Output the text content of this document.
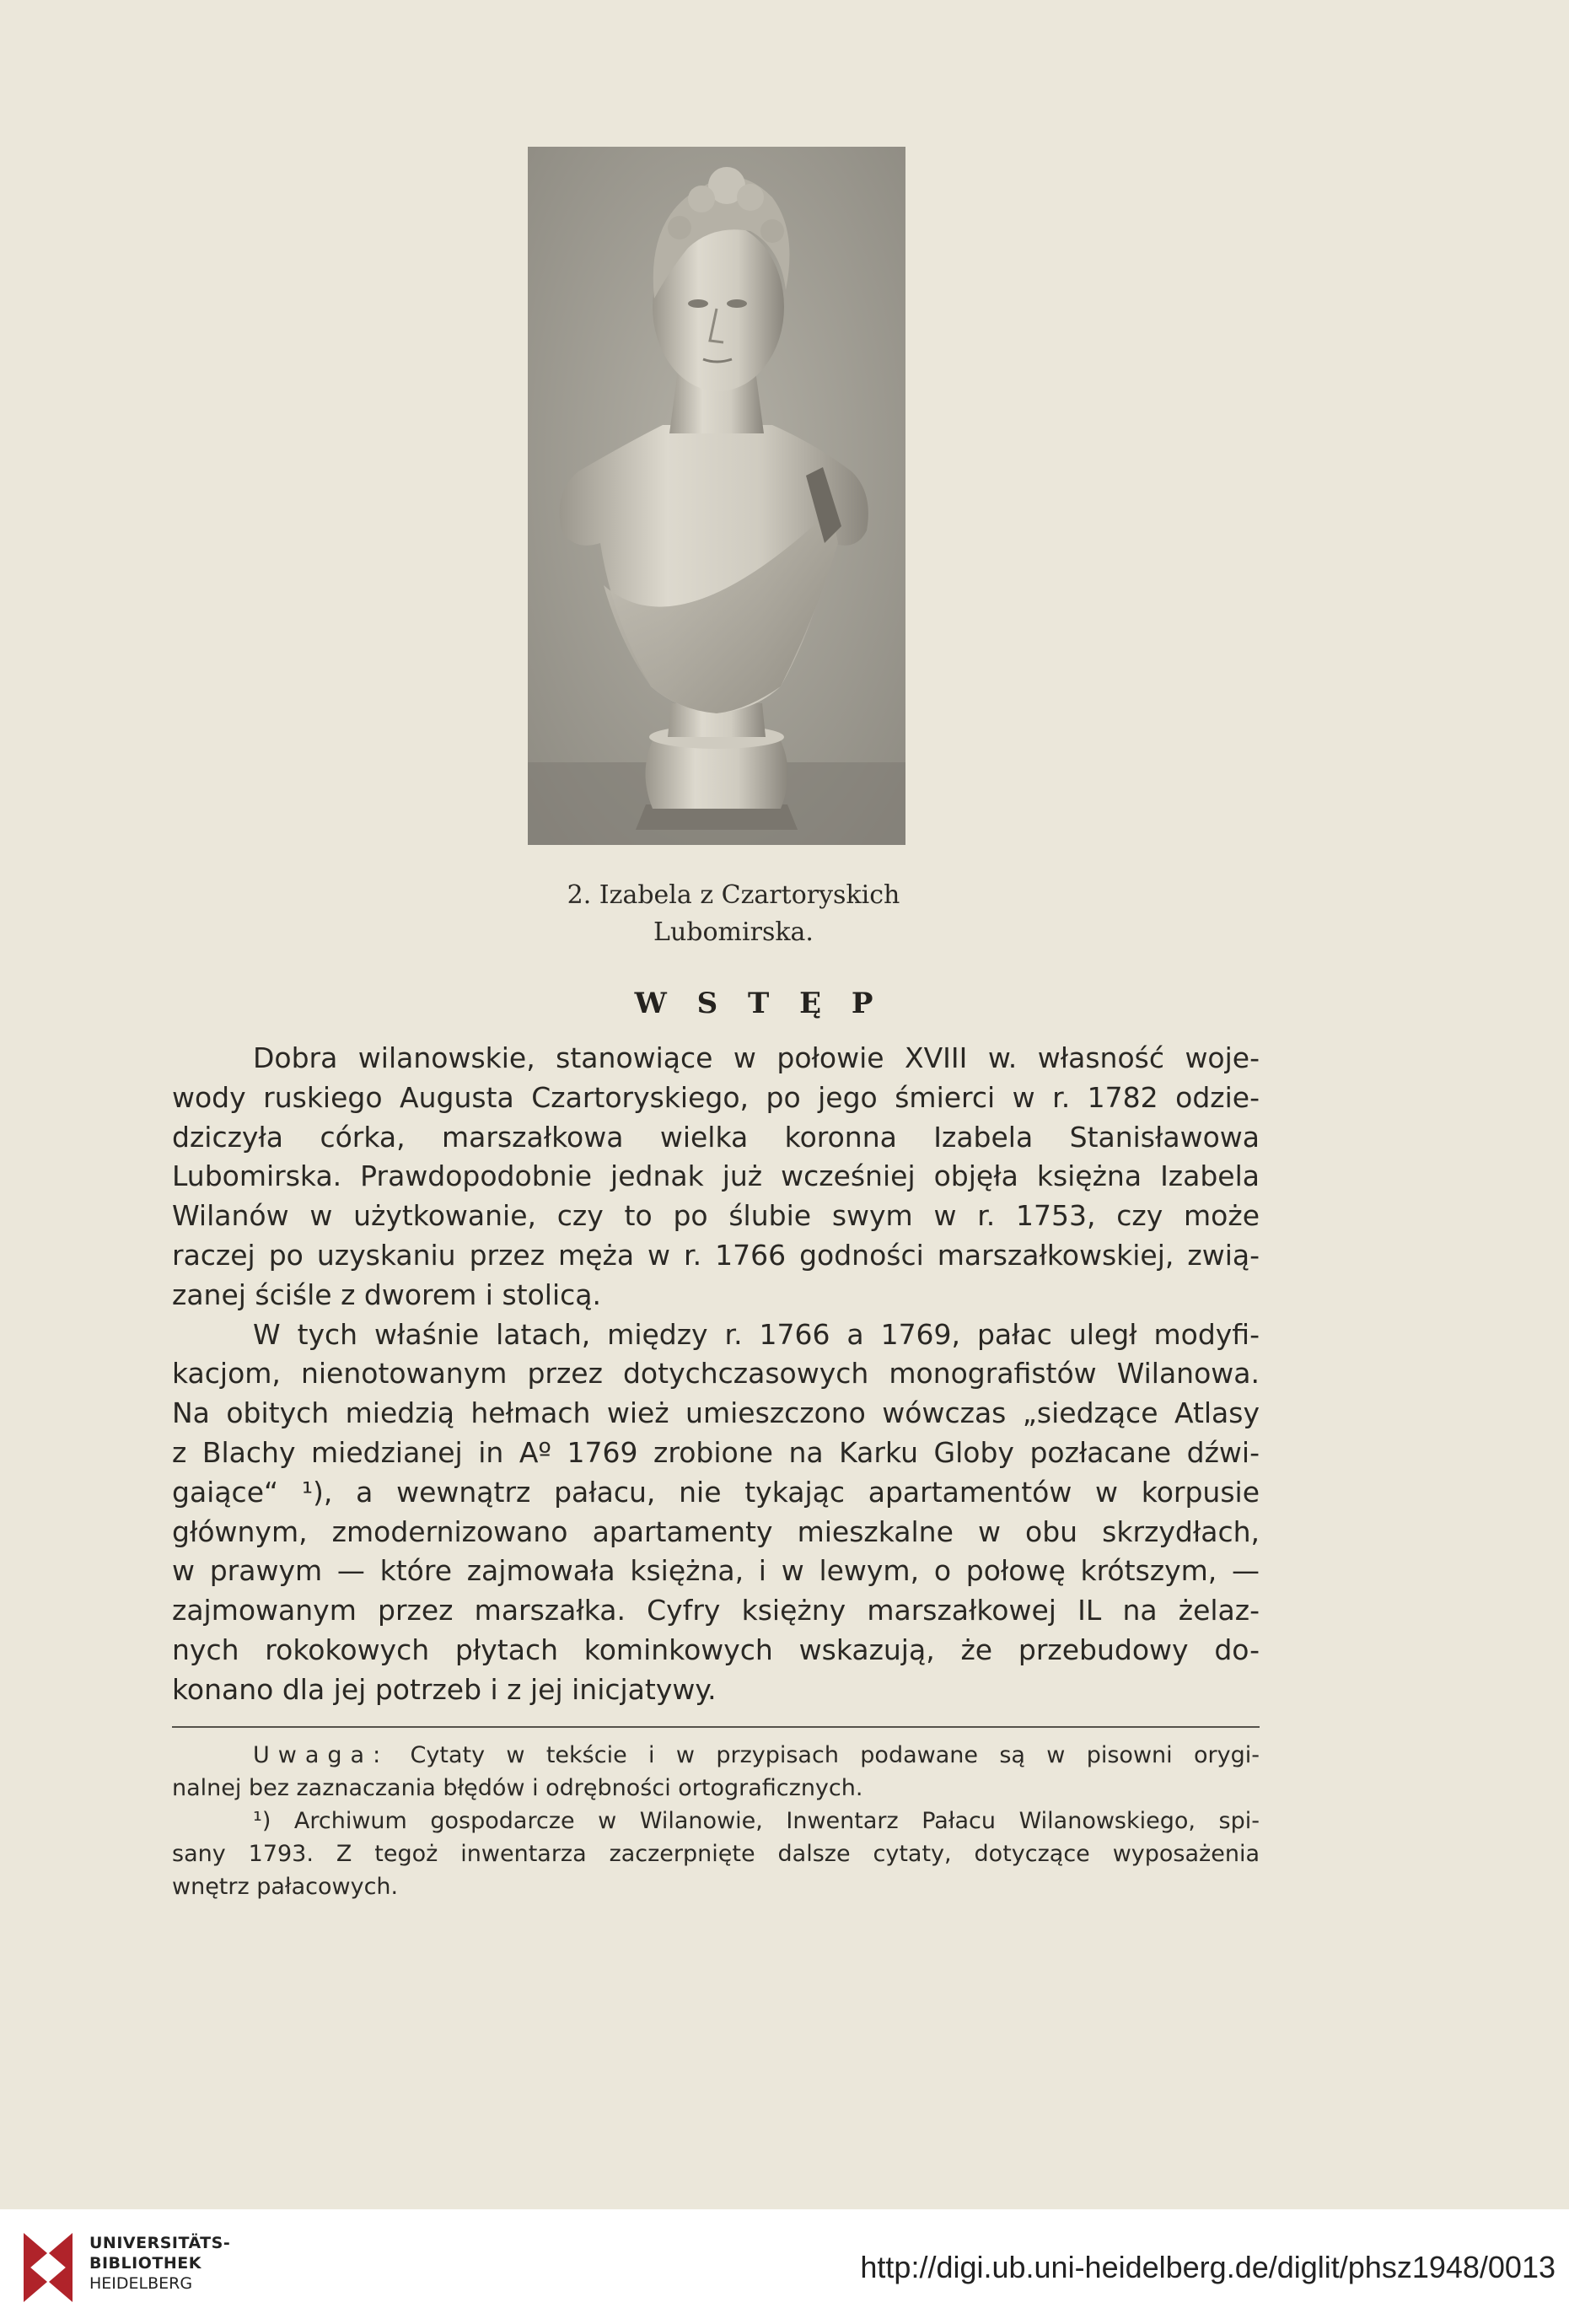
2. Izabela z Czartoryskich
Lubomirska.
W S T Ę P
Dobra wilanowskie, stanowiące w połowie XVIII w. własność woje-
wody ruskiego Augusta Czartoryskiego, po jego śmierci w r. 1782 odzie-
dziczyła córka, marszałkowa wielka koronna Izabela Stanisławowa
Lubomirska. Prawdopodobnie jednak już wcześniej objęła księżna Izabela
Wilanów w użytkowanie, czy to po ślubie swym w r. 1753, czy może
raczej po uzyskaniu przez męża w r. 1766 godności marszałkowskiej, zwią-
zanej ściśle z dworem i stolicą.
W tych właśnie latach, między r. 1766 a 1769, pałac uległ modyfi-
kacjom, nienotowanym przez dotychczasowych monografistów Wilanowa.
Na obitych miedzią hełmach wież umieszczono wówczas „siedzące Atlasy
z Blachy miedzianej in Aº 1769 zrobione na Karku Globy pozłacane dźwi-
gaiące“ ¹), a wewnątrz pałacu, nie tykając apartamentów w korpusie
głównym, zmodernizowano apartamenty mieszkalne w obu skrzydłach,
w prawym — które zajmowała księżna, i w lewym, o połowę krótszym, —
zajmowanym przez marszałka. Cyfry księżny marszałkowej IL na żelaz-
nych rokokowych płytach kominkowych wskazują, że przebudowy do-
konano dla jej potrzeb i z jej inicjatywy.
Uwaga: Cytaty w tekście i w przypisach podawane są w pisowni orygi-
nalnej bez zaznaczania błędów i odrębności ortograficznych.
¹) Archiwum gospodarcze w Wilanowie, Inwentarz Pałacu Wilanowskiego, spi-
sany 1793. Z tegoż inwentarza zaczerpnięte dalsze cytaty, dotyczące wyposażenia
wnętrz pałacowych.
UNIVERSITÄTS-
BIBLIOTHEK
HEIDELBERG	http://digi.ub.uni-heidelberg.de/diglit/phsz1948/0013
